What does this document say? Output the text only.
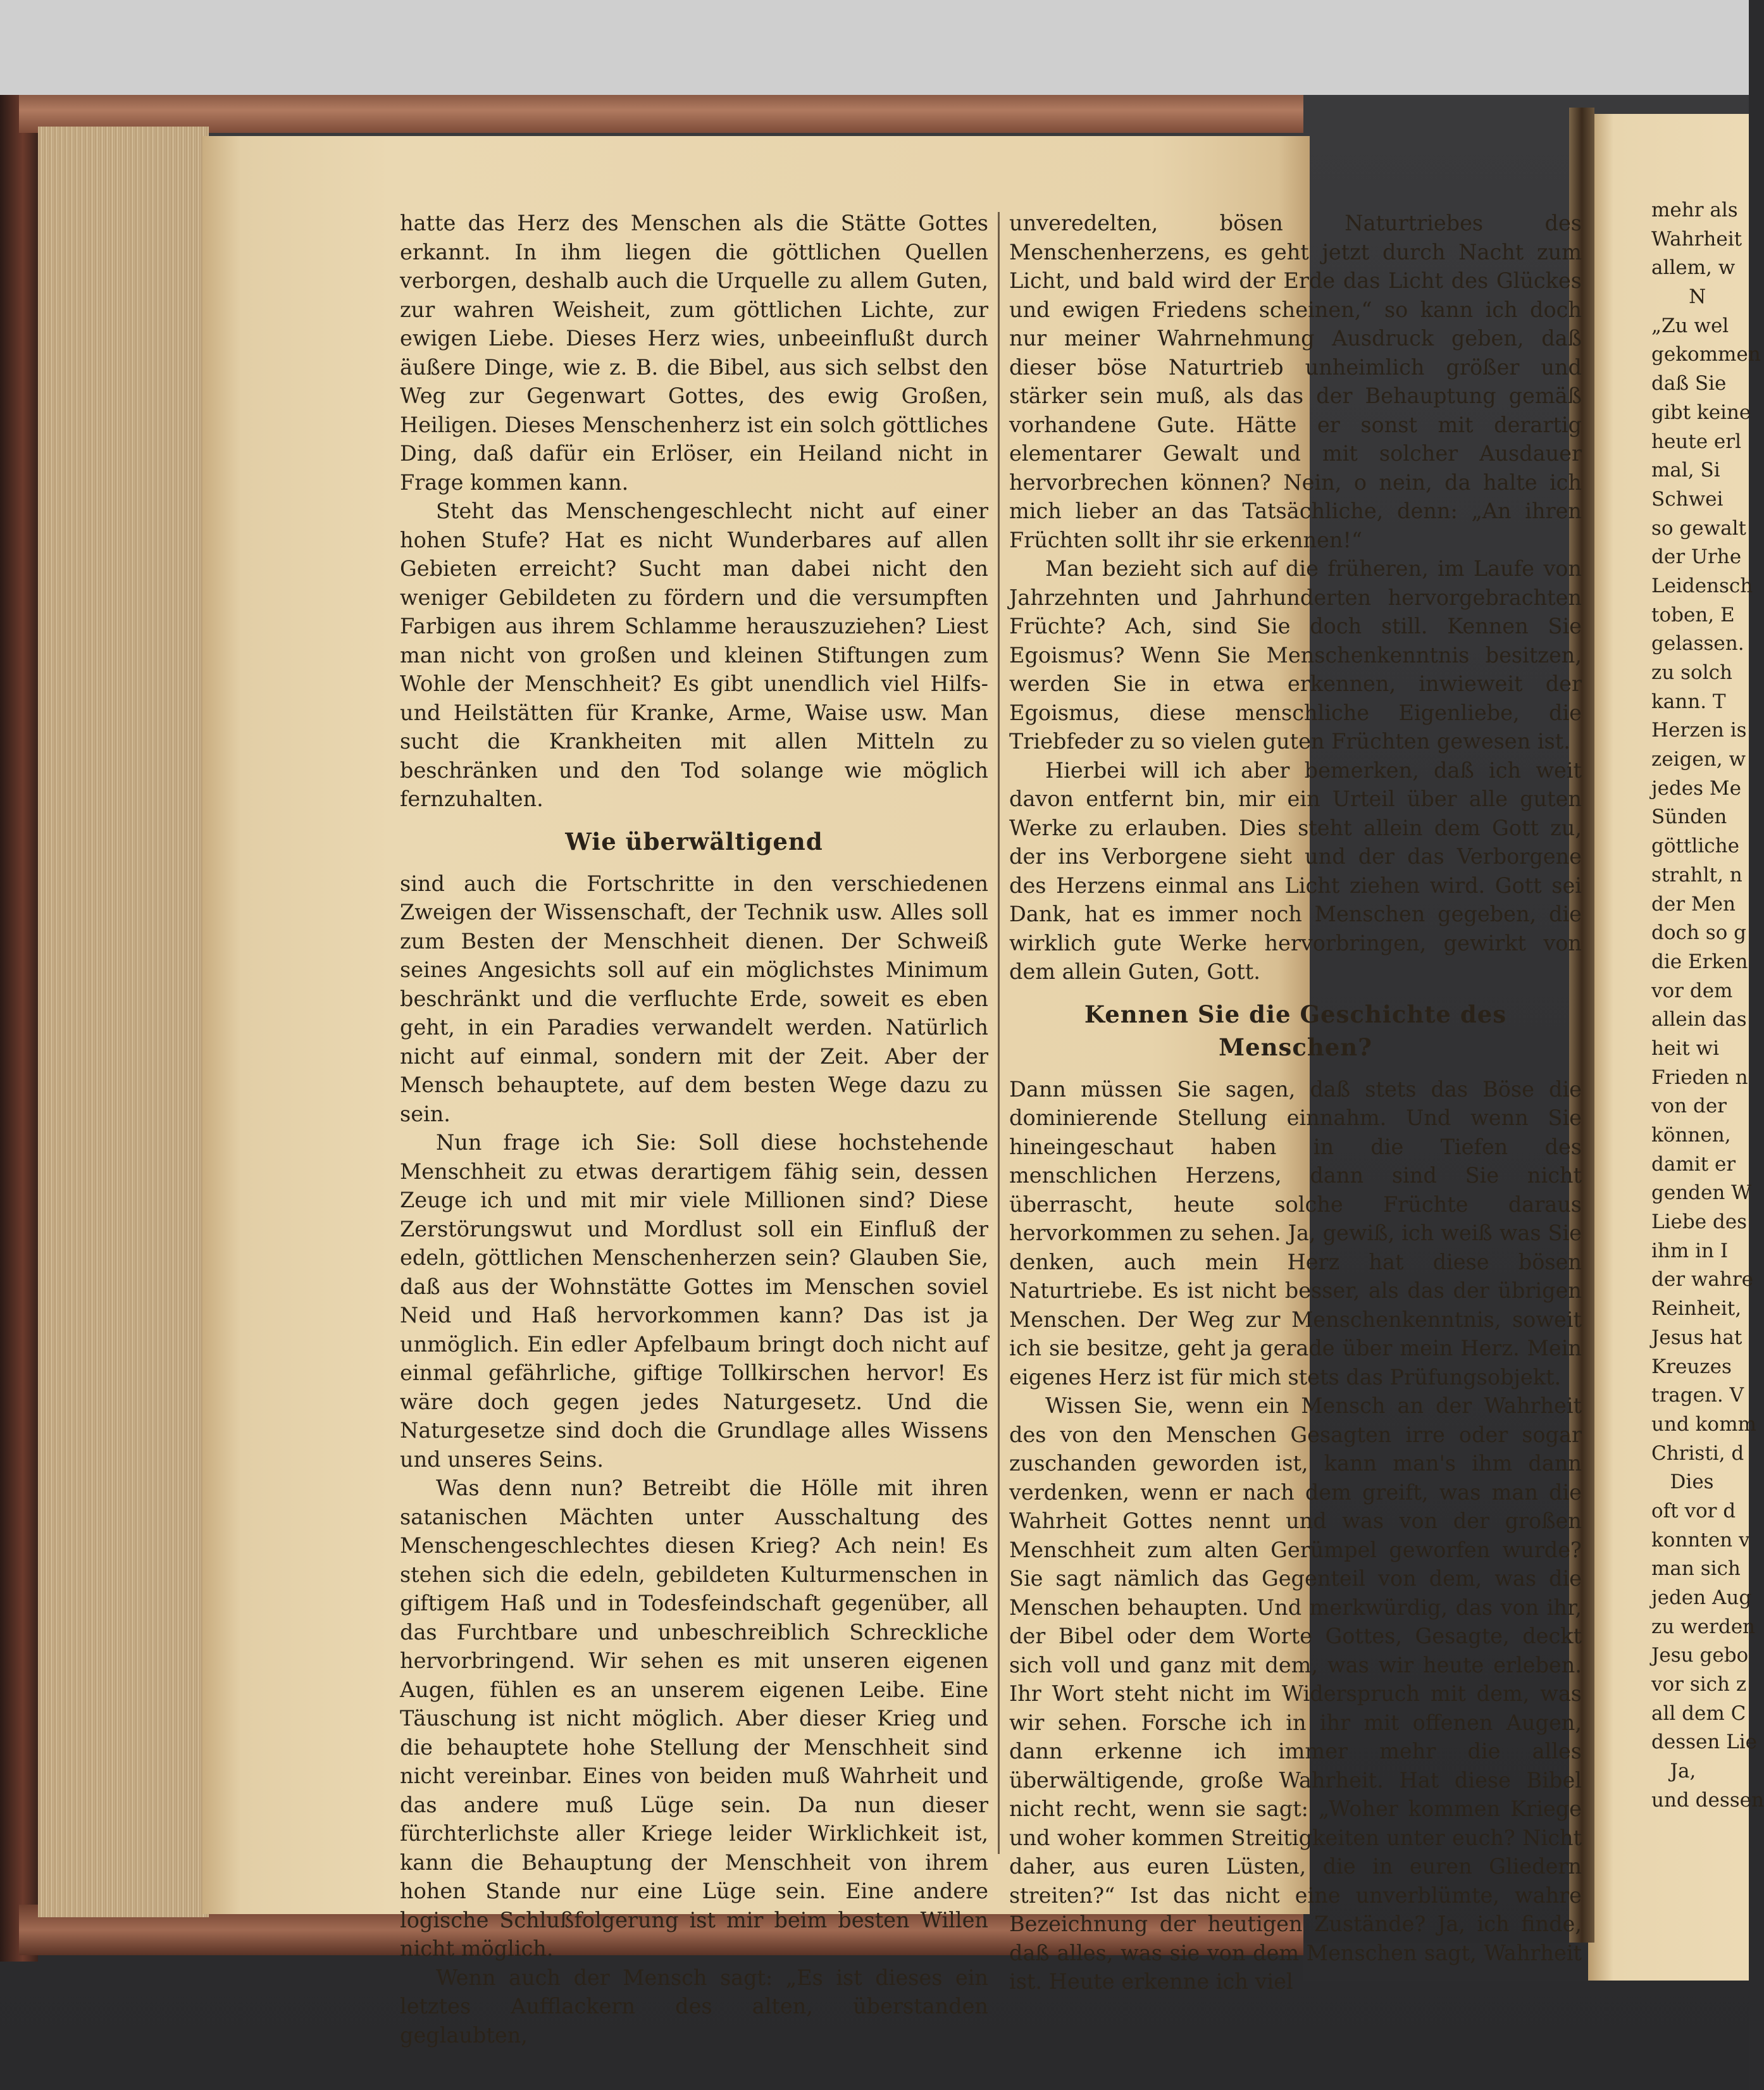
hatte das Herz des Menschen als die Stätte Gottes erkannt. In ihm liegen die göttlichen Quellen verborgen, deshalb auch die Urquelle zu allem Guten, zur wahren Weisheit, zum göttlichen Lichte, zur ewigen Liebe. Dieses Herz wies, unbeeinflußt durch äußere Dinge, wie z. B. die Bibel, aus sich selbst den Weg zur Gegenwart Gottes, des ewig Großen, Heiligen. Dieses Menschenherz ist ein solch göttliches Ding, daß dafür ein Erlöser, ein Heiland nicht in Frage kommen kann.

Steht das Menschengeschlecht nicht auf einer hohen Stufe? Hat es nicht Wunderbares auf allen Gebieten erreicht? Sucht man dabei nicht den weniger Gebildeten zu fördern und die versumpften Farbigen aus ihrem Schlamme herauszuziehen? Liest man nicht von großen und kleinen Stiftungen zum Wohle der Menschheit? Es gibt unendlich viel Hilfs- und Heilstätten für Kranke, Arme, Waise usw. Man sucht die Krankheiten mit allen Mitteln zu beschränken und den Tod solange wie möglich fernzuhalten.

Wie überwältigend

sind auch die Fortschritte in den verschiedenen Zweigen der Wissenschaft, der Technik usw. Alles soll zum Besten der Menschheit dienen. Der Schweiß seines Angesichts soll auf ein möglichstes Minimum beschränkt und die verfluchte Erde, soweit es eben geht, in ein Paradies verwandelt werden. Natürlich nicht auf einmal, sondern mit der Zeit. Aber der Mensch behauptete, auf dem besten Wege dazu zu sein.

Nun frage ich Sie: Soll diese hochstehende Menschheit zu etwas derartigem fähig sein, dessen Zeuge ich und mit mir viele Millionen sind? Diese Zerstörungswut und Mordlust soll ein Einfluß der edeln, göttlichen Menschenherzen sein? Glauben Sie, daß aus der Wohnstätte Gottes im Menschen soviel Neid und Haß hervorkommen kann? Das ist ja unmöglich. Ein edler Apfelbaum bringt doch nicht auf einmal gefährliche, giftige Tollkirschen hervor! Es wäre doch gegen jedes Naturgesetz. Und die Naturgesetze sind doch die Grundlage alles Wissens und unseres Seins.

Was denn nun? Betreibt die Hölle mit ihren satanischen Mächten unter Ausschaltung des Menschengeschlechtes diesen Krieg? Ach nein! Es stehen sich die edeln, gebildeten Kulturmenschen in giftigem Haß und in Todesfeindschaft gegenüber, all das Furchtbare und unbeschreiblich Schreckliche hervorbringend. Wir sehen es mit unseren eigenen Augen, fühlen es an unserem eigenen Leibe. Eine Täuschung ist nicht möglich. Aber dieser Krieg und die behauptete hohe Stellung der Menschheit sind nicht vereinbar. Eines von beiden muß Wahrheit und das andere muß Lüge sein. Da nun dieser fürchterlichste aller Kriege leider Wirklichkeit ist, kann die Behauptung der Menschheit von ihrem hohen Stande nur eine Lüge sein. Eine andere logische Schlußfolgerung ist mir beim besten Willen nicht möglich.

Wenn auch der Mensch sagt: „Es ist dieses ein letztes Aufflackern des alten, überstanden geglaubten,

unveredelten, bösen Naturtriebes des Menschenherzens, es geht jetzt durch Nacht zum Licht, und bald wird der Erde das Licht des Glückes und ewigen Friedens scheinen,“ so kann ich doch nur meiner Wahrnehmung Ausdruck geben, daß dieser böse Naturtrieb unheimlich größer und stärker sein muß, als das der Behauptung gemäß vorhandene Gute. Hätte er sonst mit derartig elementarer Gewalt und mit solcher Ausdauer hervorbrechen können? Nein, o nein, da halte ich mich lieber an das Tatsächliche, denn: „An ihren Früchten sollt ihr sie erkennen!“

Man bezieht sich auf die früheren, im Laufe von Jahrzehnten und Jahrhunderten hervorgebrachten Früchte? Ach, sind Sie doch still. Kennen Sie Egoismus? Wenn Sie Menschenkenntnis besitzen, werden Sie in etwa erkennen, inwieweit der Egoismus, diese menschliche Eigenliebe, die Triebfeder zu so vielen guten Früchten gewesen ist.

Hierbei will ich aber bemerken, daß ich weit davon entfernt bin, mir ein Urteil über alle guten Werke zu erlauben. Dies steht allein dem Gott zu, der ins Verborgene sieht und der das Verborgene des Herzens einmal ans Licht ziehen wird. Gott sei Dank, hat es immer noch Menschen gegeben, die wirklich gute Werke hervorbringen, gewirkt von dem allein Guten, Gott.

Kennen Sie die Geschichte des Menschen?

Dann müssen Sie sagen, daß stets das Böse die dominierende Stellung einnahm. Und wenn Sie hineingeschaut haben in die Tiefen des menschlichen Herzens, dann sind Sie nicht überrascht, heute solche Früchte daraus hervorkommen zu sehen. Ja, gewiß, ich weiß was Sie denken, auch mein Herz hat diese bösen Naturtriebe. Es ist nicht besser, als das der übrigen Menschen. Der Weg zur Menschenkenntnis, soweit ich sie besitze, geht ja gerade über mein Herz. Mein eigenes Herz ist für mich stets das Prüfungsobjekt.

Wissen Sie, wenn ein Mensch an der Wahrheit des von den Menschen Gesagten irre oder sogar zuschanden geworden ist, kann man's ihm dann verdenken, wenn er nach dem greift, was man die Wahrheit Gottes nennt und was von der großen Menschheit zum alten Gerümpel geworfen wurde? Sie sagt nämlich das Gegenteil von dem, was die Menschen behaupten. Und merkwürdig, das von ihr, der Bibel oder dem Worte Gottes, Gesagte, deckt sich voll und ganz mit dem, was wir heute erleben. Ihr Wort steht nicht im Widerspruch mit dem, was wir sehen. Forsche ich in ihr mit offenen Augen, dann erkenne ich immer mehr die alles überwältigende, große Wahrheit. Hat diese Bibel nicht recht, wenn sie sagt: „Woher kommen Kriege und woher kommen Streitigkeiten unter euch? Nicht daher, aus euren Lüsten, die in euren Gliedern streiten?“ Ist das nicht eine unverblümte, wahre Bezeichnung der heutigen Zustände? Ja, ich finde, daß alles, was sie von dem Menschen sagt, Wahrheit ist. Heute erkenne ich viel

mehr als
Wahrheit
allem, w
N
„Zu wel
gekommen
daß Sie
gibt keine
heute erl
mal, Si
Schwei
so gewalt
der Urhe
Leidensch
toben, E
gelassen.
zu solch
kann. T
Herzen is
zeigen, w
jedes Me
Sünden
göttliche
strahlt, n
der Men
doch so g
die Erken
vor dem
allein das
heit wi
Frieden n
von der
können,
damit er
genden W
Liebe des
ihm in I
der wahre
Reinheit,
Jesus hat
Kreuzes
tragen. V
und komm
Christi, d
Dies
oft vor d
konnten v
man sich
jeden Aug
zu werden
Jesu gebo
vor sich z
all dem C
dessen Lie
Ja,
und dessen
